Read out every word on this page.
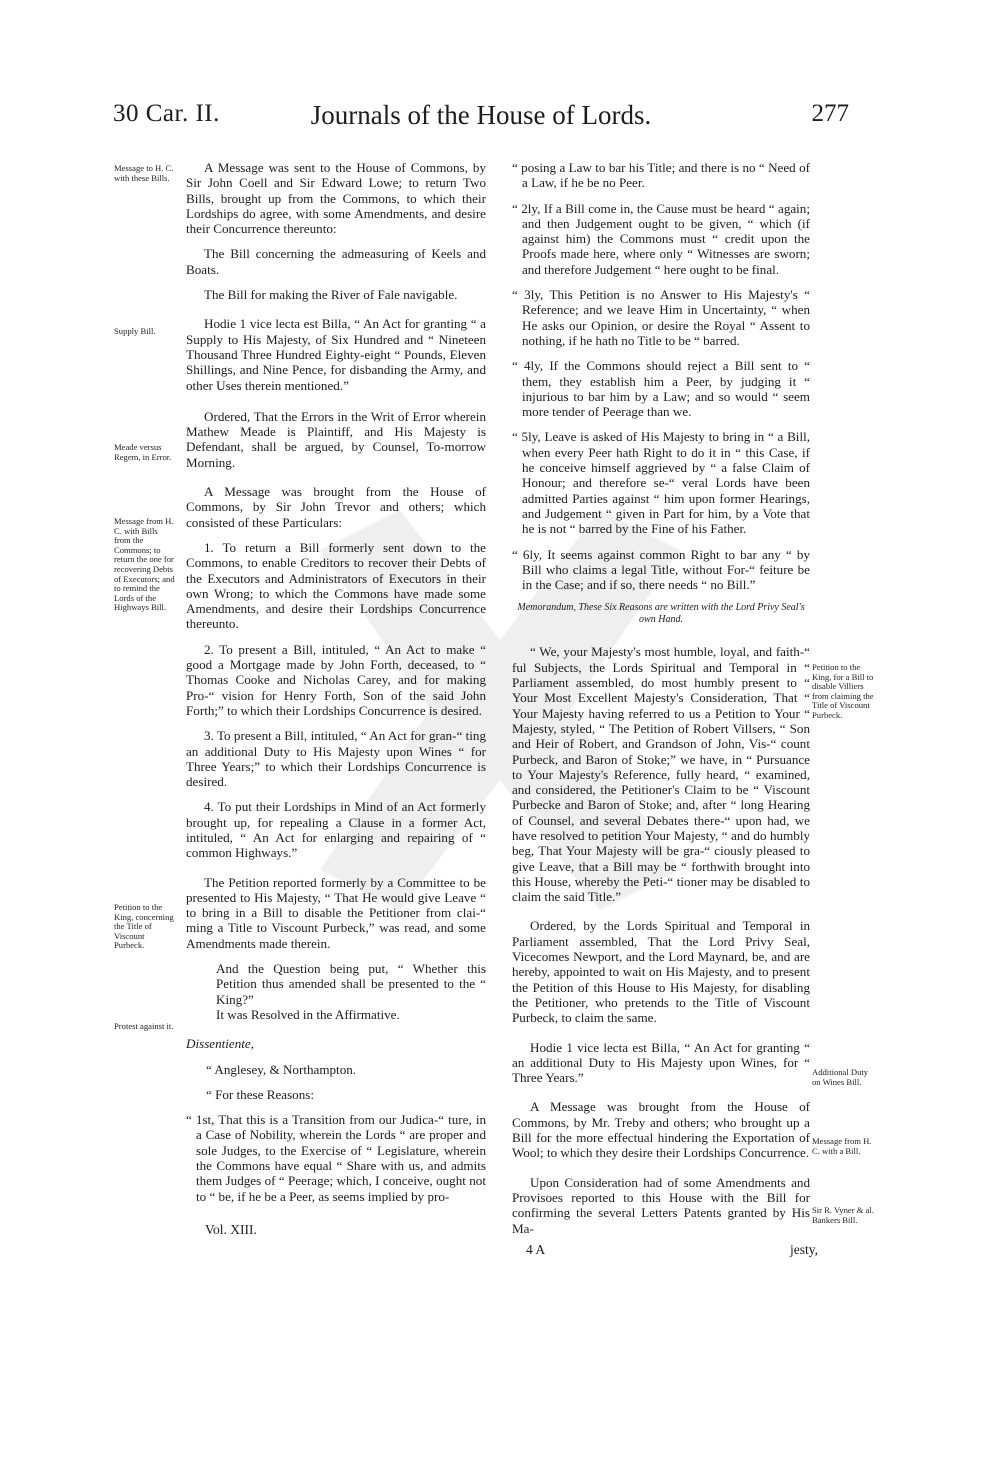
30 Car. II.	Journals of the House of Lords.	277
Message to H. C. with these Bills.
Supply Bill.
Meade versus Regem, in Error.
Message from H. C. with Bills from the Commons; to return the one for recovering Debts of Executors; and to remind the Lords of the Highways Bill.
Petition to the King, concerning the Title of Viscount Purbeck.
Protest against it.

A Message was sent to the House of Commons, by Sir John Coell and Sir Edward Lowe; to return Two Bills, brought up from the Commons, to which their Lordships do agree, with some Amendments, and desire their Concurrence thereunto:

The Bill concerning the admeasuring of Keels and Boats.

The Bill for making the River of Fale navigable.

Hodie 1 vice lecta est Billa, “ An Act for granting “ a Supply to His Majesty, of Six Hundred and “ Nineteen Thousand Three Hundred Eighty-eight “ Pounds, Eleven Shillings, and Nine Pence, for disbanding the Army, and other Uses therein mentioned.”

Ordered, That the Errors in the Writ of Error wherein Mathew Meade is Plaintiff, and His Majesty is Defendant, shall be argued, by Counsel, To-morrow Morning.

A Message was brought from the House of Commons, by Sir John Trevor and others; which consisted of these Particulars:

1. To return a Bill formerly sent down to the Commons, to enable Creditors to recover their Debts of the Executors and Administrators of Executors in their own Wrong; to which the Commons have made some Amendments, and desire their Lordships Concurrence thereunto.

2. To present a Bill, intituled, “ An Act to make “ good a Mortgage made by John Forth, deceased, to “ Thomas Cooke and Nicholas Carey, and for making Pro-“ vision for Henry Forth, Son of the said John Forth;” to which their Lordships Concurrence is desired.

3. To present a Bill, intituled, “ An Act for gran-“ ting an additional Duty to His Majesty upon Wines “ for Three Years;” to which their Lordships Concurrence is desired.

4. To put their Lordships in Mind of an Act formerly brought up, for repealing a Clause in a former Act, intituled, “ An Act for enlarging and repairing of “ common Highways.”

The Petition reported formerly by a Committee to be presented to His Majesty, “ That He would give Leave “ to bring in a Bill to disable the Petitioner from clai-“ ming a Title to Viscount Purbeck,” was read, and some Amendments made therein.

And the Question being put, “ Whether this Petition thus amended shall be presented to the “ King?”

It was Resolved in the Affirmative.

Dissentiente,

“ Anglesey, & Northampton.

“ For these Reasons:

“ 1st, That this is a Transition from our Judica-“ ture, in a Case of Nobility, wherein the Lords “ are proper and sole Judges, to the Exercise of “ Legislature, wherein the Commons have equal “ Share with us, and admits them Judges of “ Peerage; which, I conceive, ought not to “ be, if he be a Peer, as seems implied by pro-

“ posing a Law to bar his Title; and there is no “ Need of a Law, if he be no Peer.

“ 2ly, If a Bill come in, the Cause must be heard “ again; and then Judgement ought to be given, “ which (if against him) the Commons must “ credit upon the Proofs made here, where only “ Witnesses are sworn; and therefore Judgement “ here ought to be final.

“ 3ly, This Petition is no Answer to His Majesty's “ Reference; and we leave Him in Uncertainty, “ when He asks our Opinion, or desire the Royal “ Assent to nothing, if he hath no Title to be “ barred.

“ 4ly, If the Commons should reject a Bill sent to “ them, they establish him a Peer, by judging it “ injurious to bar him by a Law; and so would “ seem more tender of Peerage than we.

“ 5ly, Leave is asked of His Majesty to bring in “ a Bill, when every Peer hath Right to do it in “ this Case, if he conceive himself aggrieved by “ a false Claim of Honour; and therefore se-“ veral Lords have been admitted Parties against “ him upon former Hearings, and Judgement “ given in Part for him, by a Vote that he is not “ barred by the Fine of his Father.

“ 6ly, It seems against common Right to bar any “ by Bill who claims a legal Title, without For-“ feiture be in the Case; and if so, there needs “ no Bill.”

Memorandum, These Six Reasons are written with the Lord Privy Seal's own Hand.

“ We, your Majesty's most humble, loyal, and faith-“ ful Subjects, the Lords Spiritual and Temporal in “ Parliament assembled, do most humbly present to “ Your Most Excellent Majesty's Consideration, That “ Your Majesty having referred to us a Petition to Your “ Majesty, styled, “ The Petition of Robert Villsers, “ Son and Heir of Robert, and Grandson of John, Vis-“ count Purbeck, and Baron of Stoke;” we have, in “ Pursuance to Your Majesty's Reference, fully heard, “ examined, and considered, the Petitioner's Claim to be “ Viscount Purbecke and Baron of Stoke; and, after “ long Hearing of Counsel, and several Debates there-“ upon had, we have resolved to petition Your Majesty, “ and do humbly beg, That Your Majesty will be gra-“ ciously pleased to give Leave, that a Bill may be “ forthwith brought into this House, whereby the Peti-“ tioner may be disabled to claim the said Title.”

Ordered, by the Lords Spiritual and Temporal in Parliament assembled, That the Lord Privy Seal, Vicecomes Newport, and the Lord Maynard, be, and are hereby, appointed to wait on His Majesty, and to present the Petition of this House to His Majesty, for disabling the Petitioner, who pretends to the Title of Viscount Purbeck, to claim the same.

Hodie 1 vice lecta est Billa, “ An Act for granting “ an additional Duty to His Majesty upon Wines, for “ Three Years.”

A Message was brought from the House of Commons, by Mr. Treby and others; who brought up a Bill for the more effectual hindering the Exportation of Wool; to which they desire their Lordships Concurrence.

Upon Consideration had of some Amendments and Provisoes reported to this House with the Bill for confirming the several Letters Patents granted by His Ma-

Petition to the King, for a Bill to disable Villiers from claiming the Title of Viscount Purbeck.
Additional Duty on Wines Bill.
Message from H. C. with a Bill.
Sir R. Vyner & al. Bankers Bill.
Vol. XIII.
4 A	jesty,
